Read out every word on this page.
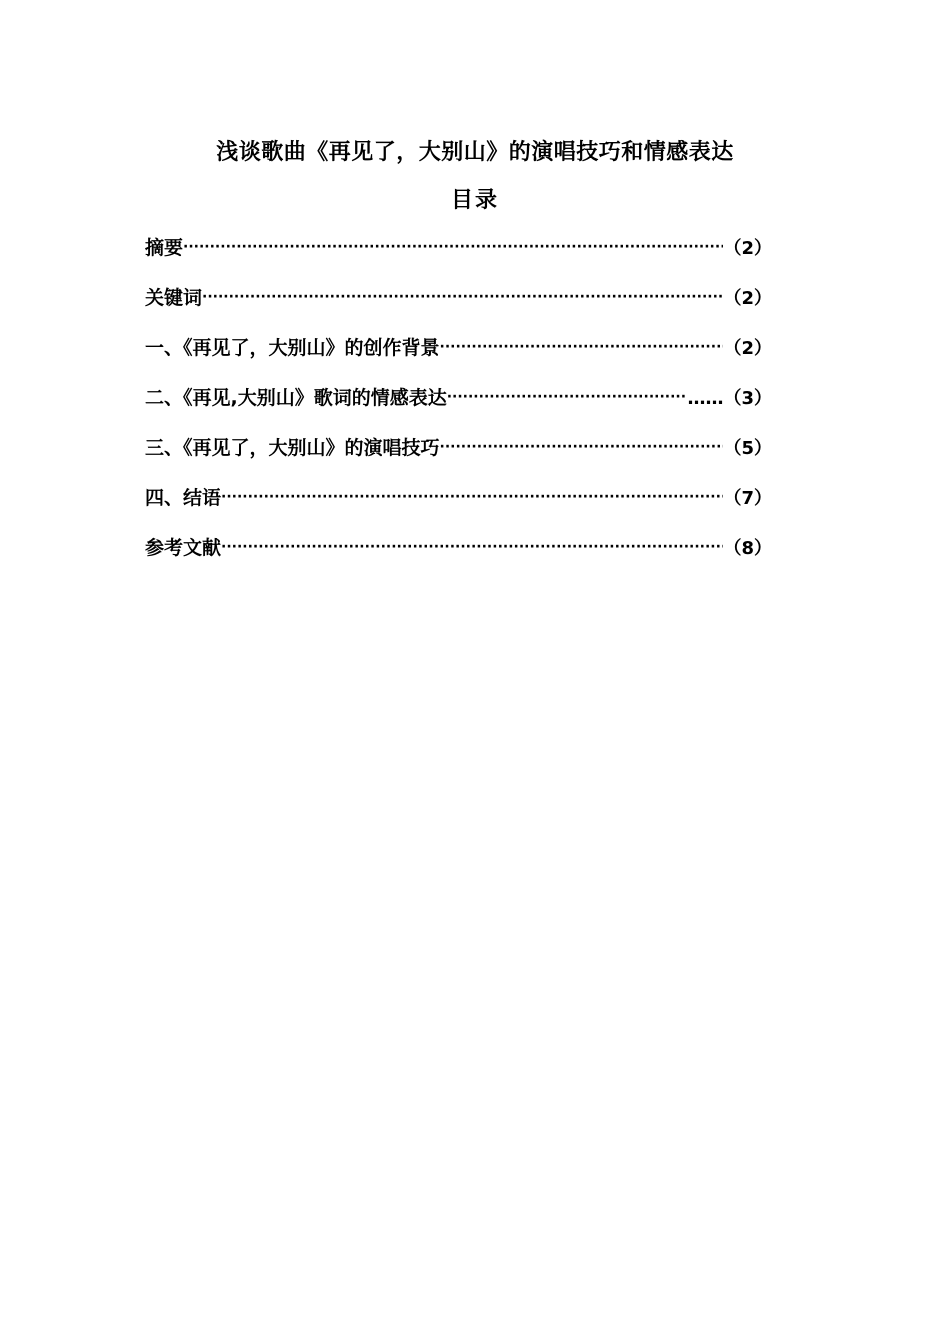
浅谈歌曲《再见了，大别山》的演唱技巧和情感表达
目录
摘要 ·····	（2）
关键词 ·····	（2）
一、《再见了，大别山》的创作背景 ·····	（2）
二、《再见,大别山》歌词的情感表达 ·····	……（3）
三、《再见了，大别山》的演唱技巧 ·····	（5）
四、结语 ·····	（7）
参考文献 ·····	（8）
